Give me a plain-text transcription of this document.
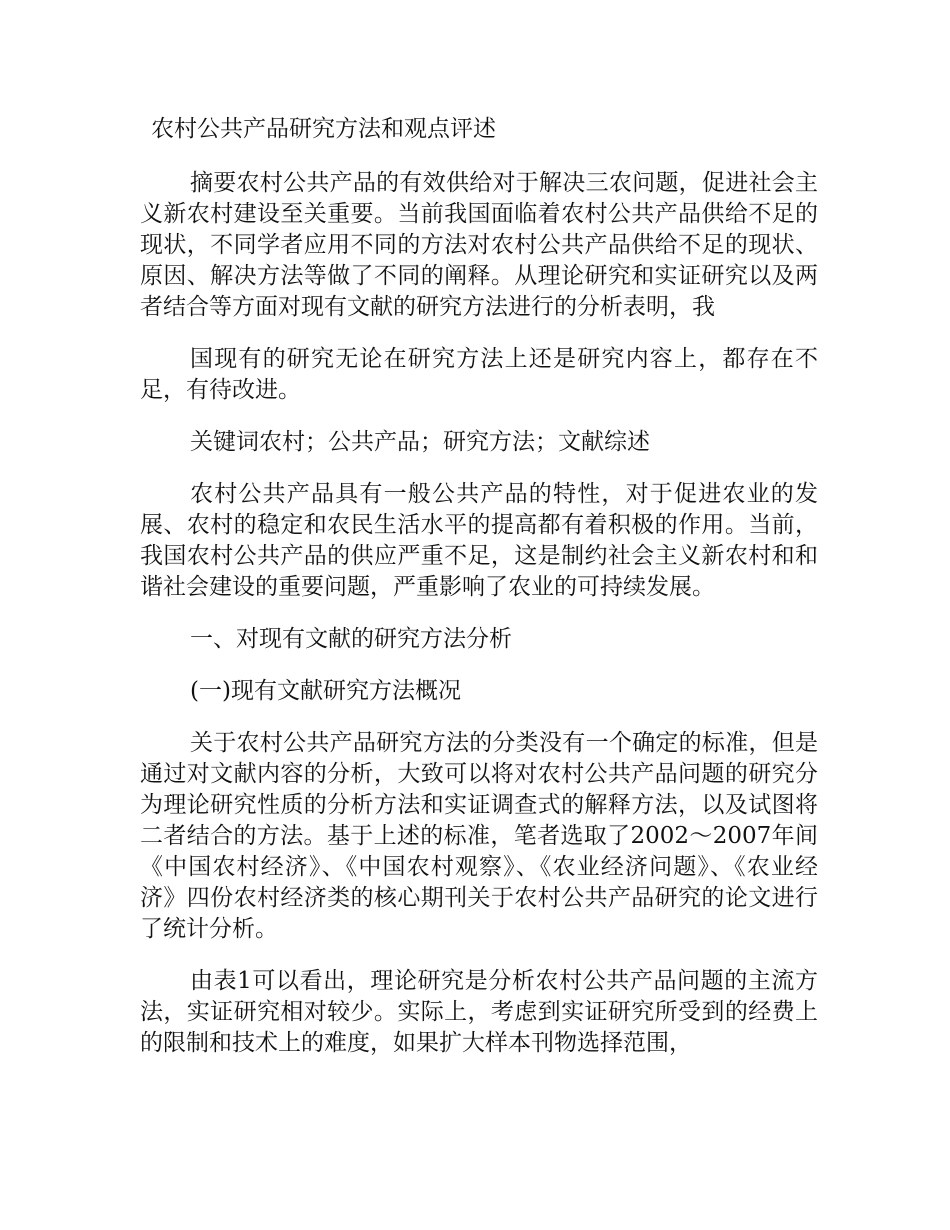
农村公共产品研究方法和观点评述

摘要农村公共产品的有效供给对于解决三农问题，促进社会主义新农村建设至关重要。当前我国面临着农村公共产品供给不足的现状，不同学者应用不同的方法对农村公共产品供给不足的现状、原因、解决方法等做了不同的阐释。从理论研究和实证研究以及两者结合等方面对现有文献的研究方法进行的分析表明，我

国现有的研究无论在研究方法上还是研究内容上，都存在不足，有待改进。

关键词农村；公共产品；研究方法；文献综述

农村公共产品具有一般公共产品的特性，对于促进农业的发展、农村的稳定和农民生活水平的提高都有着积极的作用。当前，我国农村公共产品的供应严重不足，这是制约社会主义新农村和和谐社会建设的重要问题，严重影响了农业的可持续发展。

一、对现有文献的研究方法分析

(一)现有文献研究方法概况

关于农村公共产品研究方法的分类没有一个确定的标准，但是通过对文献内容的分析，大致可以将对农村公共产品问题的研究分为理论研究性质的分析方法和实证调查式的解释方法，以及试图将二者结合的方法。基于上述的标准，笔者选取了2002～2007年间《中国农村经济》、《中国农村观察》、《农业经济问题》、《农业经济》四份农村经济类的核心期刊关于农村公共产品研究的论文进行了统计分析。

由表1可以看出，理论研究是分析农村公共产品问题的主流方法，实证研究相对较少。实际上，考虑到实证研究所受到的经费上的限制和技术上的难度，如果扩大样本刊物选择范围，
